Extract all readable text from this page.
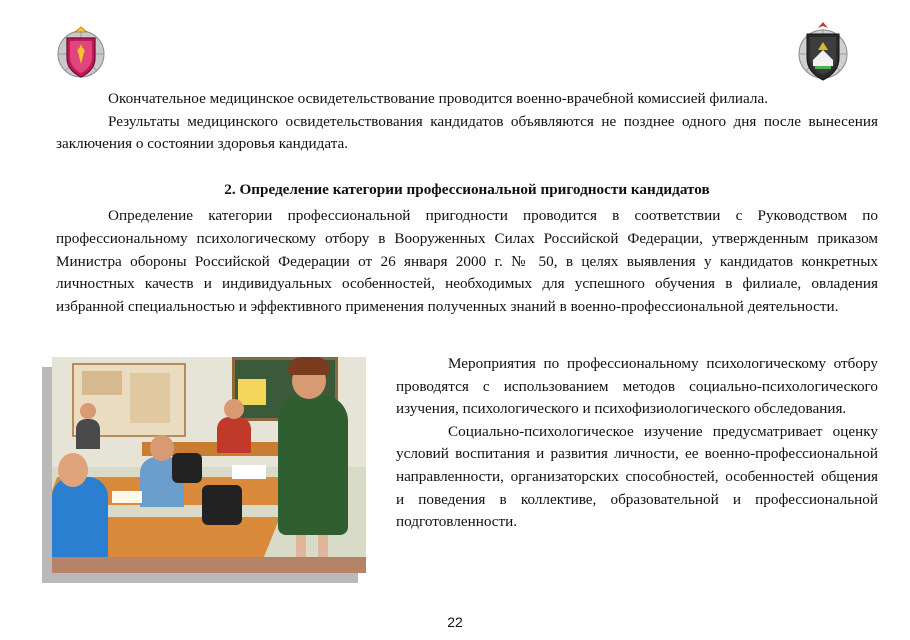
Окончательное медицинское освидетельствование проводится военно-врачебной комиссией филиала.

Результаты медицинского освидетельствования кандидатов объявляются не позднее одного дня после вынесения заключения о состоянии здоровья кандидата.

2. Определение категории профессиональной пригодности кандидатов

Определение категории профессиональной пригодности проводится в соответствии с Руководством по профессиональному психологическому отбору в Вооруженных Силах Российской Федерации, утвержденным приказом Министра обороны Российской Федерации от 26 января 2000 г. № 50, в целях выявления у кандидатов конкретных личностных качеств и индивидуальных особенностей, необходимых для успешного обучения в филиале, овладения избранной специальностью и эффективного применения полученных знаний в военно-профессиональной деятельности.

Мероприятия по профессиональному психологическому отбору проводятся с использованием методов социально-психологического изучения, психологического и психофизиологического обследования.

Социально-психологическое изучение предусматривает оценку условий воспитания и развития личности, ее военно-профессиональной направленности, организаторских способностей, особенностей общения и поведения в коллективе, образовательной и профессиональной подготовленности.

22
